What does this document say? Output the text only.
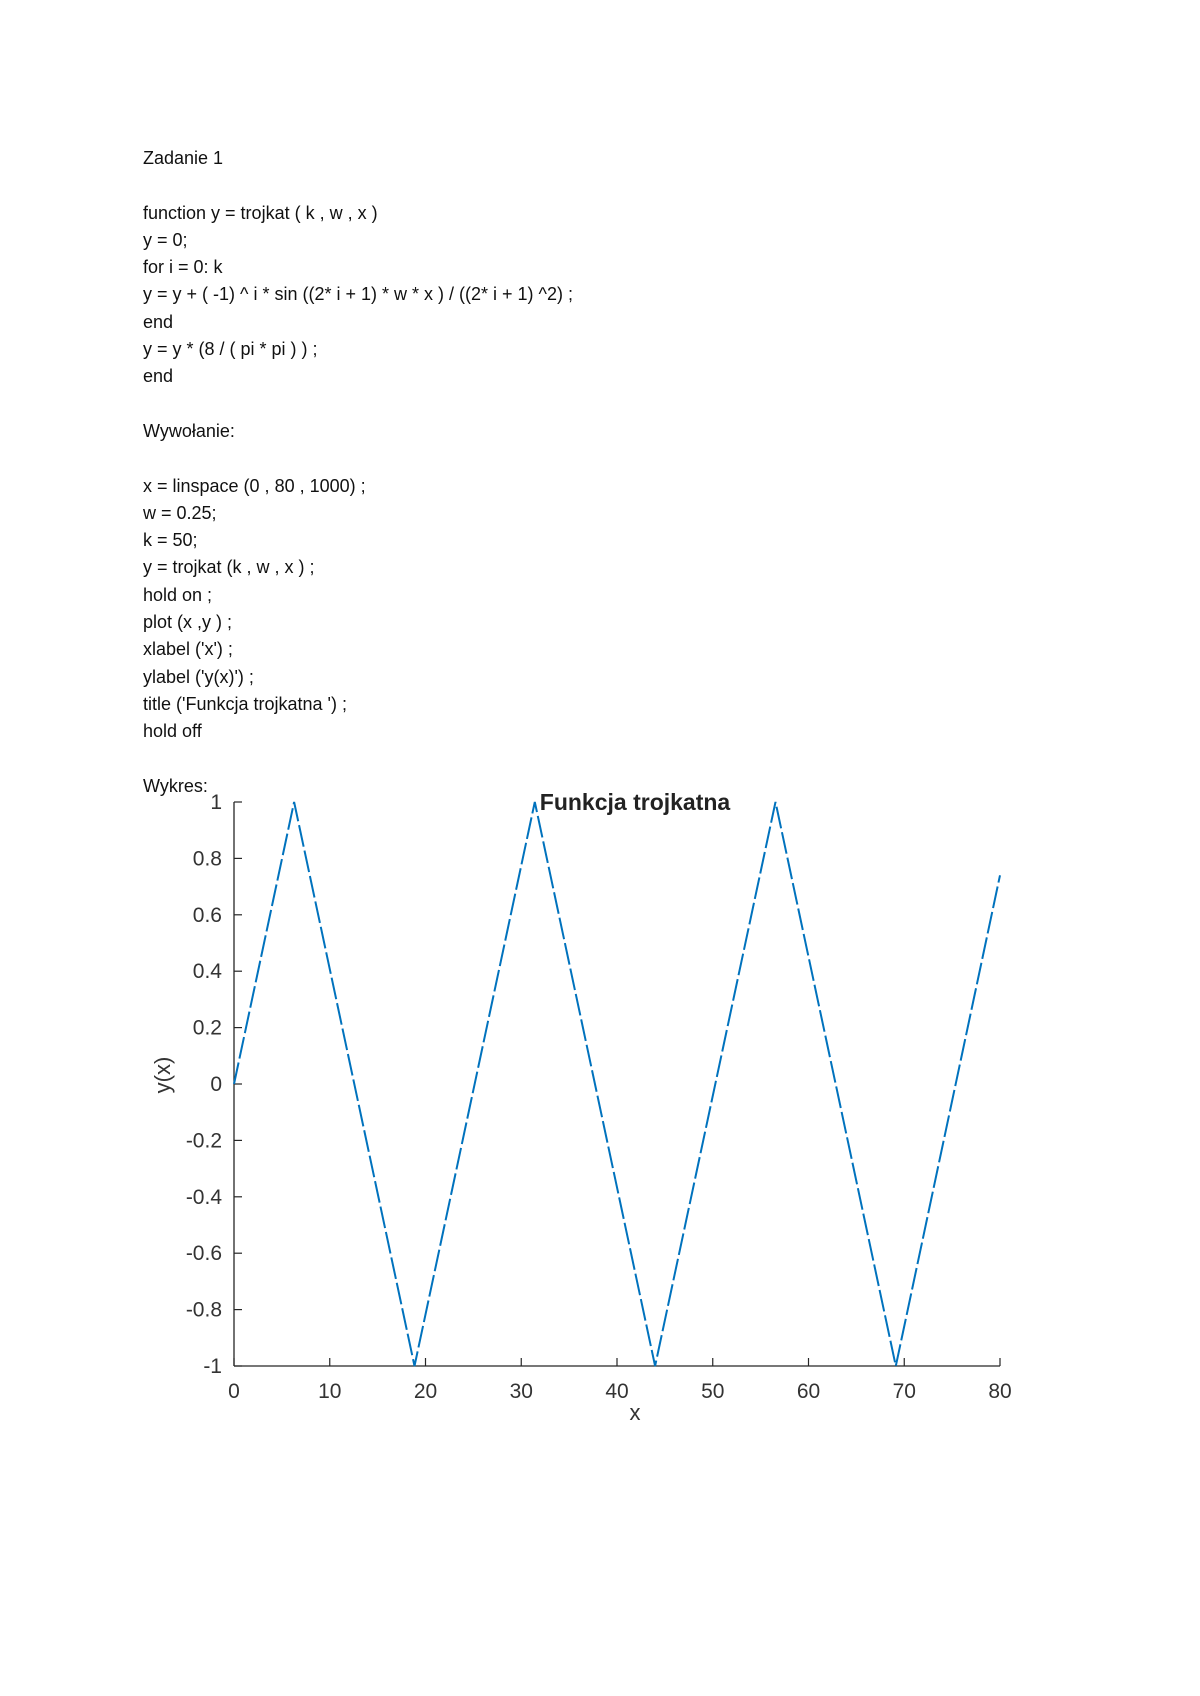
Zadanie 1
function y = trojkat ( k , w , x )
y = 0;
for i = 0: k
y = y + ( -1) ^ i * sin ((2* i + 1) * w * x ) / ((2* i + 1) ^2) ;
end
y = y * (8 / ( pi * pi ) ) ;
end
Wywołanie:
x = linspace (0 , 80 , 1000) ;
w = 0.25;
k = 50;
y = trojkat (k , w , x ) ;
hold on ;
plot (x ,y ) ;
xlabel ('x') ;
ylabel ('y(x)') ;
title ('Funkcja trojkatna ') ;
hold off
Wykres:
0	10	20	30	40	50	60	70	80
-1
-0.8
-0.6
-0.4
-0.2
0
0.2
0.4
0.6
0.8
1	Funkcja trojkatna
x
y(x)
